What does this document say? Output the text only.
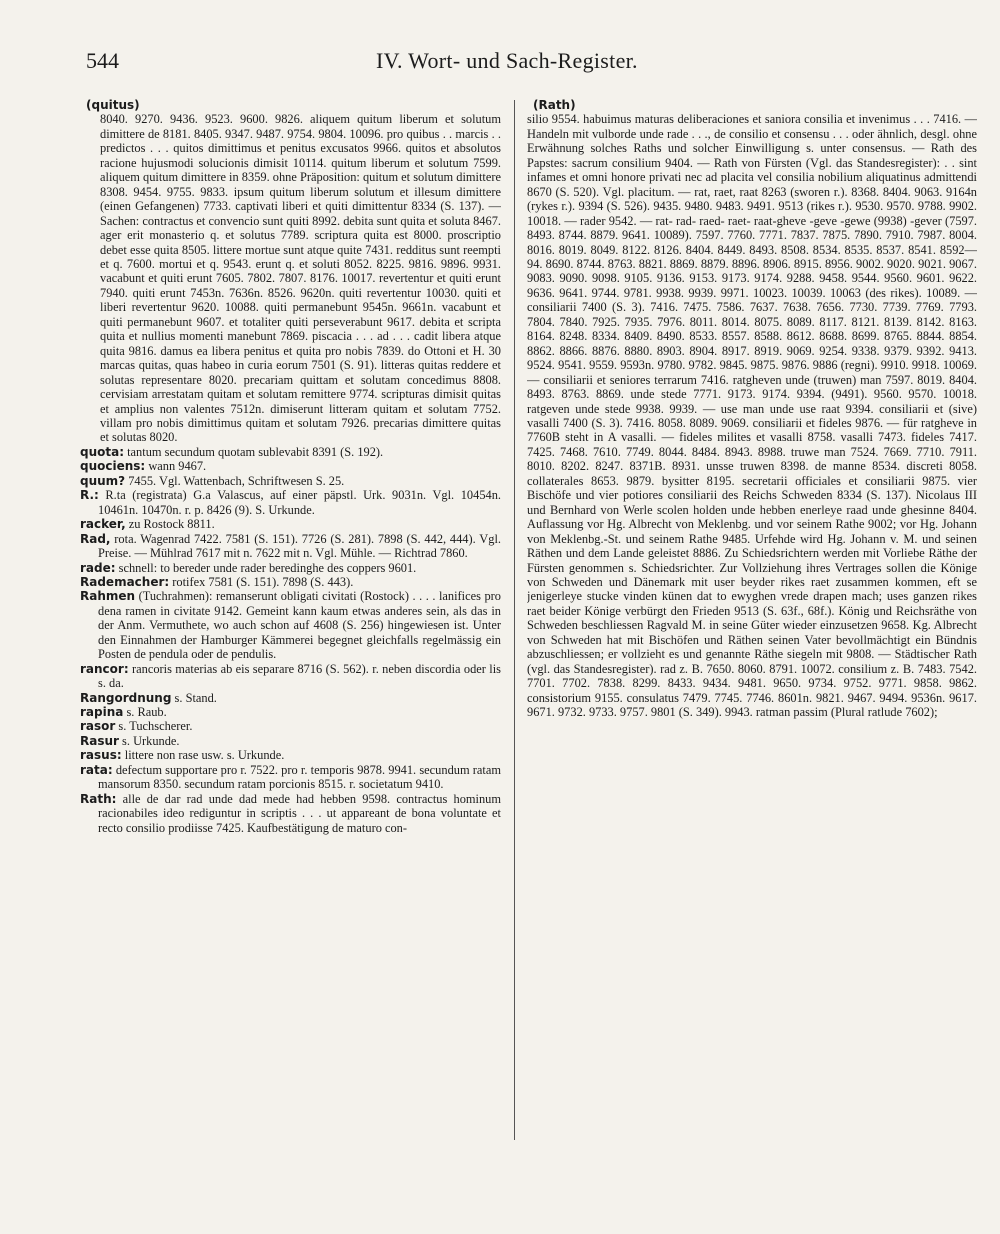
544	IV. Wort- und Sach-Register.
(quitus)

8040. 9270. 9436. 9523. 9600. 9826. aliquem quitum liberum et solutum dimittere de 8181. 8405. 9347. 9487. 9754. 9804. 10096. pro quibus . . marcis . . predictos . . . quitos dimittimus et penitus excusatos 9966. quitos et absolutos racione hujusmodi solucionis dimisit 10114. quitum liberum et solutum 7599. aliquem quitum dimittere in 8359. ohne Präposition: quitum et solutum dimittere 8308. 9454. 9755. 9833. ipsum quitum liberum solutum et illesum dimittere (einen Gefangenen) 7733. captivati liberi et quiti dimittentur 8334 (S. 137). — Sachen: contractus et convencio sunt quiti 8992. debita sunt quita et soluta 8467. ager erit monasterio q. et solutus 7789. scriptura quita est 8000. proscriptio debet esse quita 8505. littere mortue sunt atque quite 7431. redditus sunt reempti et q. 7600. mortui et q. 9543. erunt q. et soluti 8052. 8225. 9816. 9896. 9931. vacabunt et quiti erunt 7605. 7802. 7807. 8176. 10017. revertentur et quiti erunt 7940. quiti erunt 7453n. 7636n. 8526. 9620n. quiti revertentur 10030. quiti et liberi revertentur 9620. 10088. quiti permanebunt 9545n. 9661n. vacabunt et quiti permanebunt 9607. et totaliter quiti perseverabunt 9617. debita et scripta quita et nullius momenti manebunt 7869. piscacia . . . ad . . . cadit libera atque quita 9816. damus ea libera penitus et quita pro nobis 7839. do Ottoni et H. 30 marcas quitas, quas habeo in curia eorum 7501 (S. 91). litteras quitas reddere et solutas representare 8020. precariam quittam et solutam concedimus 8808. cervisiam arrestatam quitam et solutam remittere 9774. scripturas dimisit quitas et amplius non valentes 7512n. dimiserunt litteram quitam et solutam 7752. villam pro nobis dimittimus quitam et solutam 7926. precarias dimittere quitas et solutas 8020.

quota: tantum secundum quotam sublevabit 8391 (S. 192).

quociens: wann 9467.

quum? 7455. Vgl. Wattenbach, Schriftwesen S. 25.

R.: R.ta (registrata) G.a Valascus, auf einer päpstl. Urk. 9031n. Vgl. 10454n. 10461n. 10470n. r. p. 8426 (9). S. Urkunde.

racker, zu Rostock 8811.

Rad, rota. Wagenrad 7422. 7581 (S. 151). 7726 (S. 281). 7898 (S. 442, 444). Vgl. Preise. — Mühlrad 7617 mit n. 7622 mit n. Vgl. Mühle. — Richtrad 7860.

rade: schnell: to bereder unde rader beredinghe des coppers 9601.

Rademacher: rotifex 7581 (S. 151). 7898 (S. 443).

Rahmen (Tuchrahmen): remanserunt obligati civitati (Rostock) . . . . lanifices pro dena ramen in civitate 9142. Gemeint kann kaum etwas anderes sein, als das in der Anm. Vermuthete, wo auch schon auf 4608 (S. 256) hingewiesen ist. Unter den Einnahmen der Hamburger Kämmerei begegnet gleichfalls regelmässig ein Posten de pendula oder de pendulis.

rancor: rancoris materias ab eis separare 8716 (S. 562). r. neben discordia oder lis s. da.

Rangordnung s. Stand.

rapina s. Raub.

rasor s. Tuchscherer.

Rasur s. Urkunde.

rasus: littere non rase usw. s. Urkunde.

rata: defectum supportare pro r. 7522. pro r. temporis 9878. 9941. secundum ratam mansorum 8350. secundum ratam porcionis 8515. r. societatum 9410.

Rath: alle de dar rad unde dad mede had hebben 9598. contractus hominum racionabiles ideo rediguntur in scriptis . . . ut appareant de bona voluntate et recto consilio prodiisse 7425. Kaufbestätigung de maturo con-

(Rath)

silio 9554. habuimus maturas deliberaciones et saniora consilia et invenimus . . . 7416. — Handeln mit vulborde unde rade . . ., de consilio et consensu . . . oder ähnlich, desgl. ohne Erwähnung solches Raths und solcher Einwilligung s. unter consensus. — Rath des Papstes: sacrum consilium 9404. — Rath von Fürsten (Vgl. das Standesregister): . . sint infames et omni honore privati nec ad placita vel consilia nobilium aliquatinus admittendi 8670 (S. 520). Vgl. placitum. — rat, raet, raat 8263 (sworen r.). 8368. 8404. 9063. 9164n (rykes r.). 9394 (S. 526). 9435. 9480. 9483. 9491. 9513 (rikes r.). 9530. 9570. 9788. 9902. 10018. — rader 9542. — rat- rad- raed- raet- raat-gheve -geve -gewe (9938) -gever (7597. 8493. 8744. 8879. 9641. 10089). 7597. 7760. 7771. 7837. 7875. 7890. 7910. 7987. 8004. 8016. 8019. 8049. 8122. 8126. 8404. 8449. 8493. 8508. 8534. 8535. 8537. 8541. 8592—94. 8690. 8744. 8763. 8821. 8869. 8879. 8896. 8906. 8915. 8956. 9002. 9020. 9021. 9067. 9083. 9090. 9098. 9105. 9136. 9153. 9173. 9174. 9288. 9458. 9544. 9560. 9601. 9622. 9636. 9641. 9744. 9781. 9938. 9939. 9971. 10023. 10039. 10063 (des rikes). 10089. — consiliarii 7400 (S. 3). 7416. 7475. 7586. 7637. 7638. 7656. 7730. 7739. 7769. 7793. 7804. 7840. 7925. 7935. 7976. 8011. 8014. 8075. 8089. 8117. 8121. 8139. 8142. 8163. 8164. 8248. 8334. 8409. 8490. 8533. 8557. 8588. 8612. 8688. 8699. 8765. 8844. 8854. 8862. 8866. 8876. 8880. 8903. 8904. 8917. 8919. 9069. 9254. 9338. 9379. 9392. 9413. 9524. 9541. 9559. 9593n. 9780. 9782. 9845. 9875. 9876. 9886 (regni). 9910. 9918. 10069. — consiliarii et seniores terrarum 7416. ratgheven unde (truwen) man 7597. 8019. 8404. 8493. 8763. 8869. unde stede 7771. 9173. 9174. 9394. (9491). 9560. 9570. 10018. ratgeven unde stede 9938. 9939. — use man unde use raat 9394. consiliarii et (sive) vasalli 7400 (S. 3). 7416. 8058. 8089. 9069. consiliarii et fideles 9876. — für ratgheve in 7760B steht in A vasalli. — fideles milites et vasalli 8758. vasalli 7473. fideles 7417. 7425. 7468. 7610. 7749. 8044. 8484. 8943. 8988. truwe man 7524. 7669. 7710. 7911. 8010. 8202. 8247. 8371B. 8931. unsse truwen 8398. de manne 8534. discreti 8058. collaterales 8653. 9879. bysitter 8195. secretarii officiales et consiliarii 9875. vier Bischöfe und vier potiores consiliarii des Reichs Schweden 8334 (S. 137). Nicolaus III und Bernhard von Werle scolen holden unde hebben enerleye raad unde ghesinne 8404. Auflassung vor Hg. Albrecht von Meklenbg. und vor seinem Rathe 9002; vor Hg. Johann von Meklenbg.-St. und seinem Rathe 9485. Urfehde wird Hg. Johann v. M. und seinen Räthen und dem Lande geleistet 8886. Zu Schiedsrichtern werden mit Vorliebe Räthe der Fürsten genommen s. Schiedsrichter. Zur Vollziehung ihres Vertrages sollen die Könige von Schweden und Dänemark mit user beyder rikes raet zusammen kommen, eft se jenigerleye stucke vinden künen dat to ewyghen vrede drapen mach; uses ganzen rikes raet beider Könige verbürgt den Frieden 9513 (S. 63f., 68f.). König und Reichsräthe von Schweden beschliessen Ragvald M. in seine Güter wieder einzusetzen 9658. Kg. Albrecht von Schweden hat mit Bischöfen und Räthen seinen Vater bevollmächtigt ein Bündnis abzuschliessen; er vollzieht es und genannte Räthe siegeln mit 9808. — Städtischer Rath (vgl. das Standesregister). rad z. B. 7650. 8060. 8791. 10072. consilium z. B. 7483. 7542. 7701. 7702. 7838. 8299. 8433. 9434. 9481. 9650. 9734. 9752. 9771. 9858. 9862. consistorium 9155. consulatus 7479. 7745. 7746. 8601n. 9821. 9467. 9494. 9536n. 9617. 9671. 9732. 9733. 9757. 9801 (S. 349). 9943. ratman passim (Plural ratlude 7602);
